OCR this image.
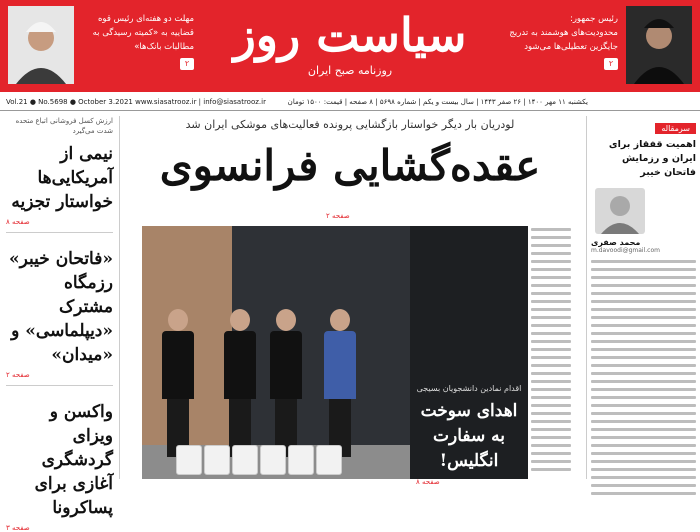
رئیس جمهور:
محدودیت‌های هوشمند به تدریج جایگزین تعطیلی‌ها می‌شود
۲
سیاست روز
روزنامه صبح ایران
مهلت دو هفته‌ای رئیس قوه قضاییه به «کمیته رسیدگی به مطالبات بانک‌ها»
۲
یکشنبه ۱۱ مهر ۱۴۰۰ | ۲۶ صفر ۱۴۴۳ | سال بیست و یکم | شماره ۵۶۹۸ | ۸ صفحه | قیمت: ۱۵۰۰ تومان
Vol.21 ● No.5698 ● October 3.2021 www.siasatrooz.ir | info@siasatrooz.ir
سرمقاله
اهمیت قفقاز برای ایران و رزمایش فاتحان خیبر
محمد صفری
m.davoodi@gmail.com
ارزش کسل فروشانی اتباع متحده شدت می‌گیرد
نیمی از آمریکایی‌ها خواستار تجزیه
صفحه ۸
«فاتحان خیبر» رزمگاه مشترک «دیپلماسی» و «میدان»
صفحه ۲
واکسن و ویزای گردشگری آغازی برای پساکرونا
صفحه ۳
لودریان بار دیگر خواستار بازگشایی پرونده فعالیت‌های موشکی ایران شد
عقده‌گشایی فرانسوی
صفحه ۲
اقدام نمادین دانشجویان بسیجی
اهدای سوخت به سفارت انگلیس!
صفحه ۸
